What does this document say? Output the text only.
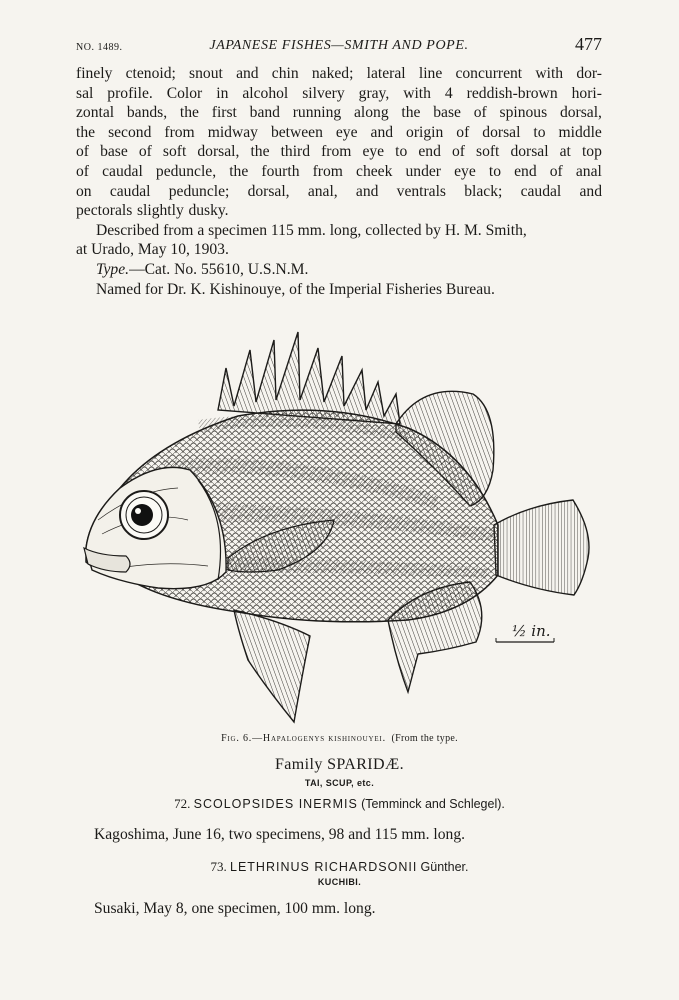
NO. 1489.	JAPANESE FISHES—SMITH AND POPE.	477
finely ctenoid; snout and chin naked; lateral line concurrent with dor-
sal profile. Color in alcohol silvery gray, with 4 reddish-brown hori-
zontal bands, the first band running along the base of spinous dorsal,
the second from midway between eye and origin of dorsal to middle
of base of soft dorsal, the third from eye to end of soft dorsal at top
of caudal peduncle, the fourth from cheek under eye to end of anal
on caudal peduncle; dorsal, anal, and ventrals black; caudal and
pectorals slightly dusky.
Described from a specimen 115 mm. long, collected by H. M. Smith,
at Urado, May 10, 1903.
Type.—Cat. No. 55610, U.S.N.M.
Named for Dr. K. Kishinouye, of the Imperial Fisheries Bureau.
½ in.
Fig. 6.—Hapalogenys kishinouyei. (From the type.
Family SPARIDÆ.
TAI, SCUP, etc.
72. SCOLOPSIDES INERMIS (Temminck and Schlegel).
Kagoshima, June 16, two specimens, 98 and 115 mm. long.
73. LETHRINUS RICHARDSONII Günther.
KUCHIBI.
Susaki, May 8, one specimen, 100 mm. long.
